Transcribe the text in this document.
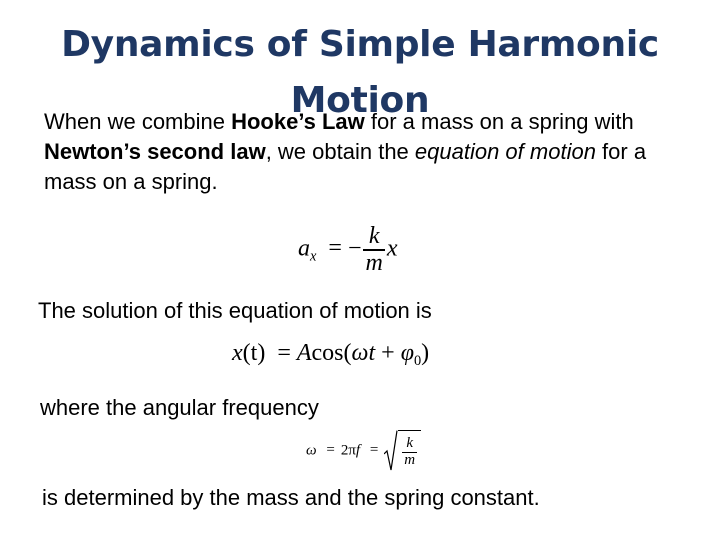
Dynamics of Simple Harmonic Motion
When we combine Hooke’s Law for a mass on a spring with Newton’s second law, we obtain the equation of motion for a mass on a spring.
$a_x$ = − $\frac{k}{m}$ x
The solution of this equation of motion is
$x(t) = Acos(\omega t + \varphi_0)$
where the angular frequency
$\omega = 2\pi f = \frac{k}{m}$
is determined by the mass and the spring constant.
